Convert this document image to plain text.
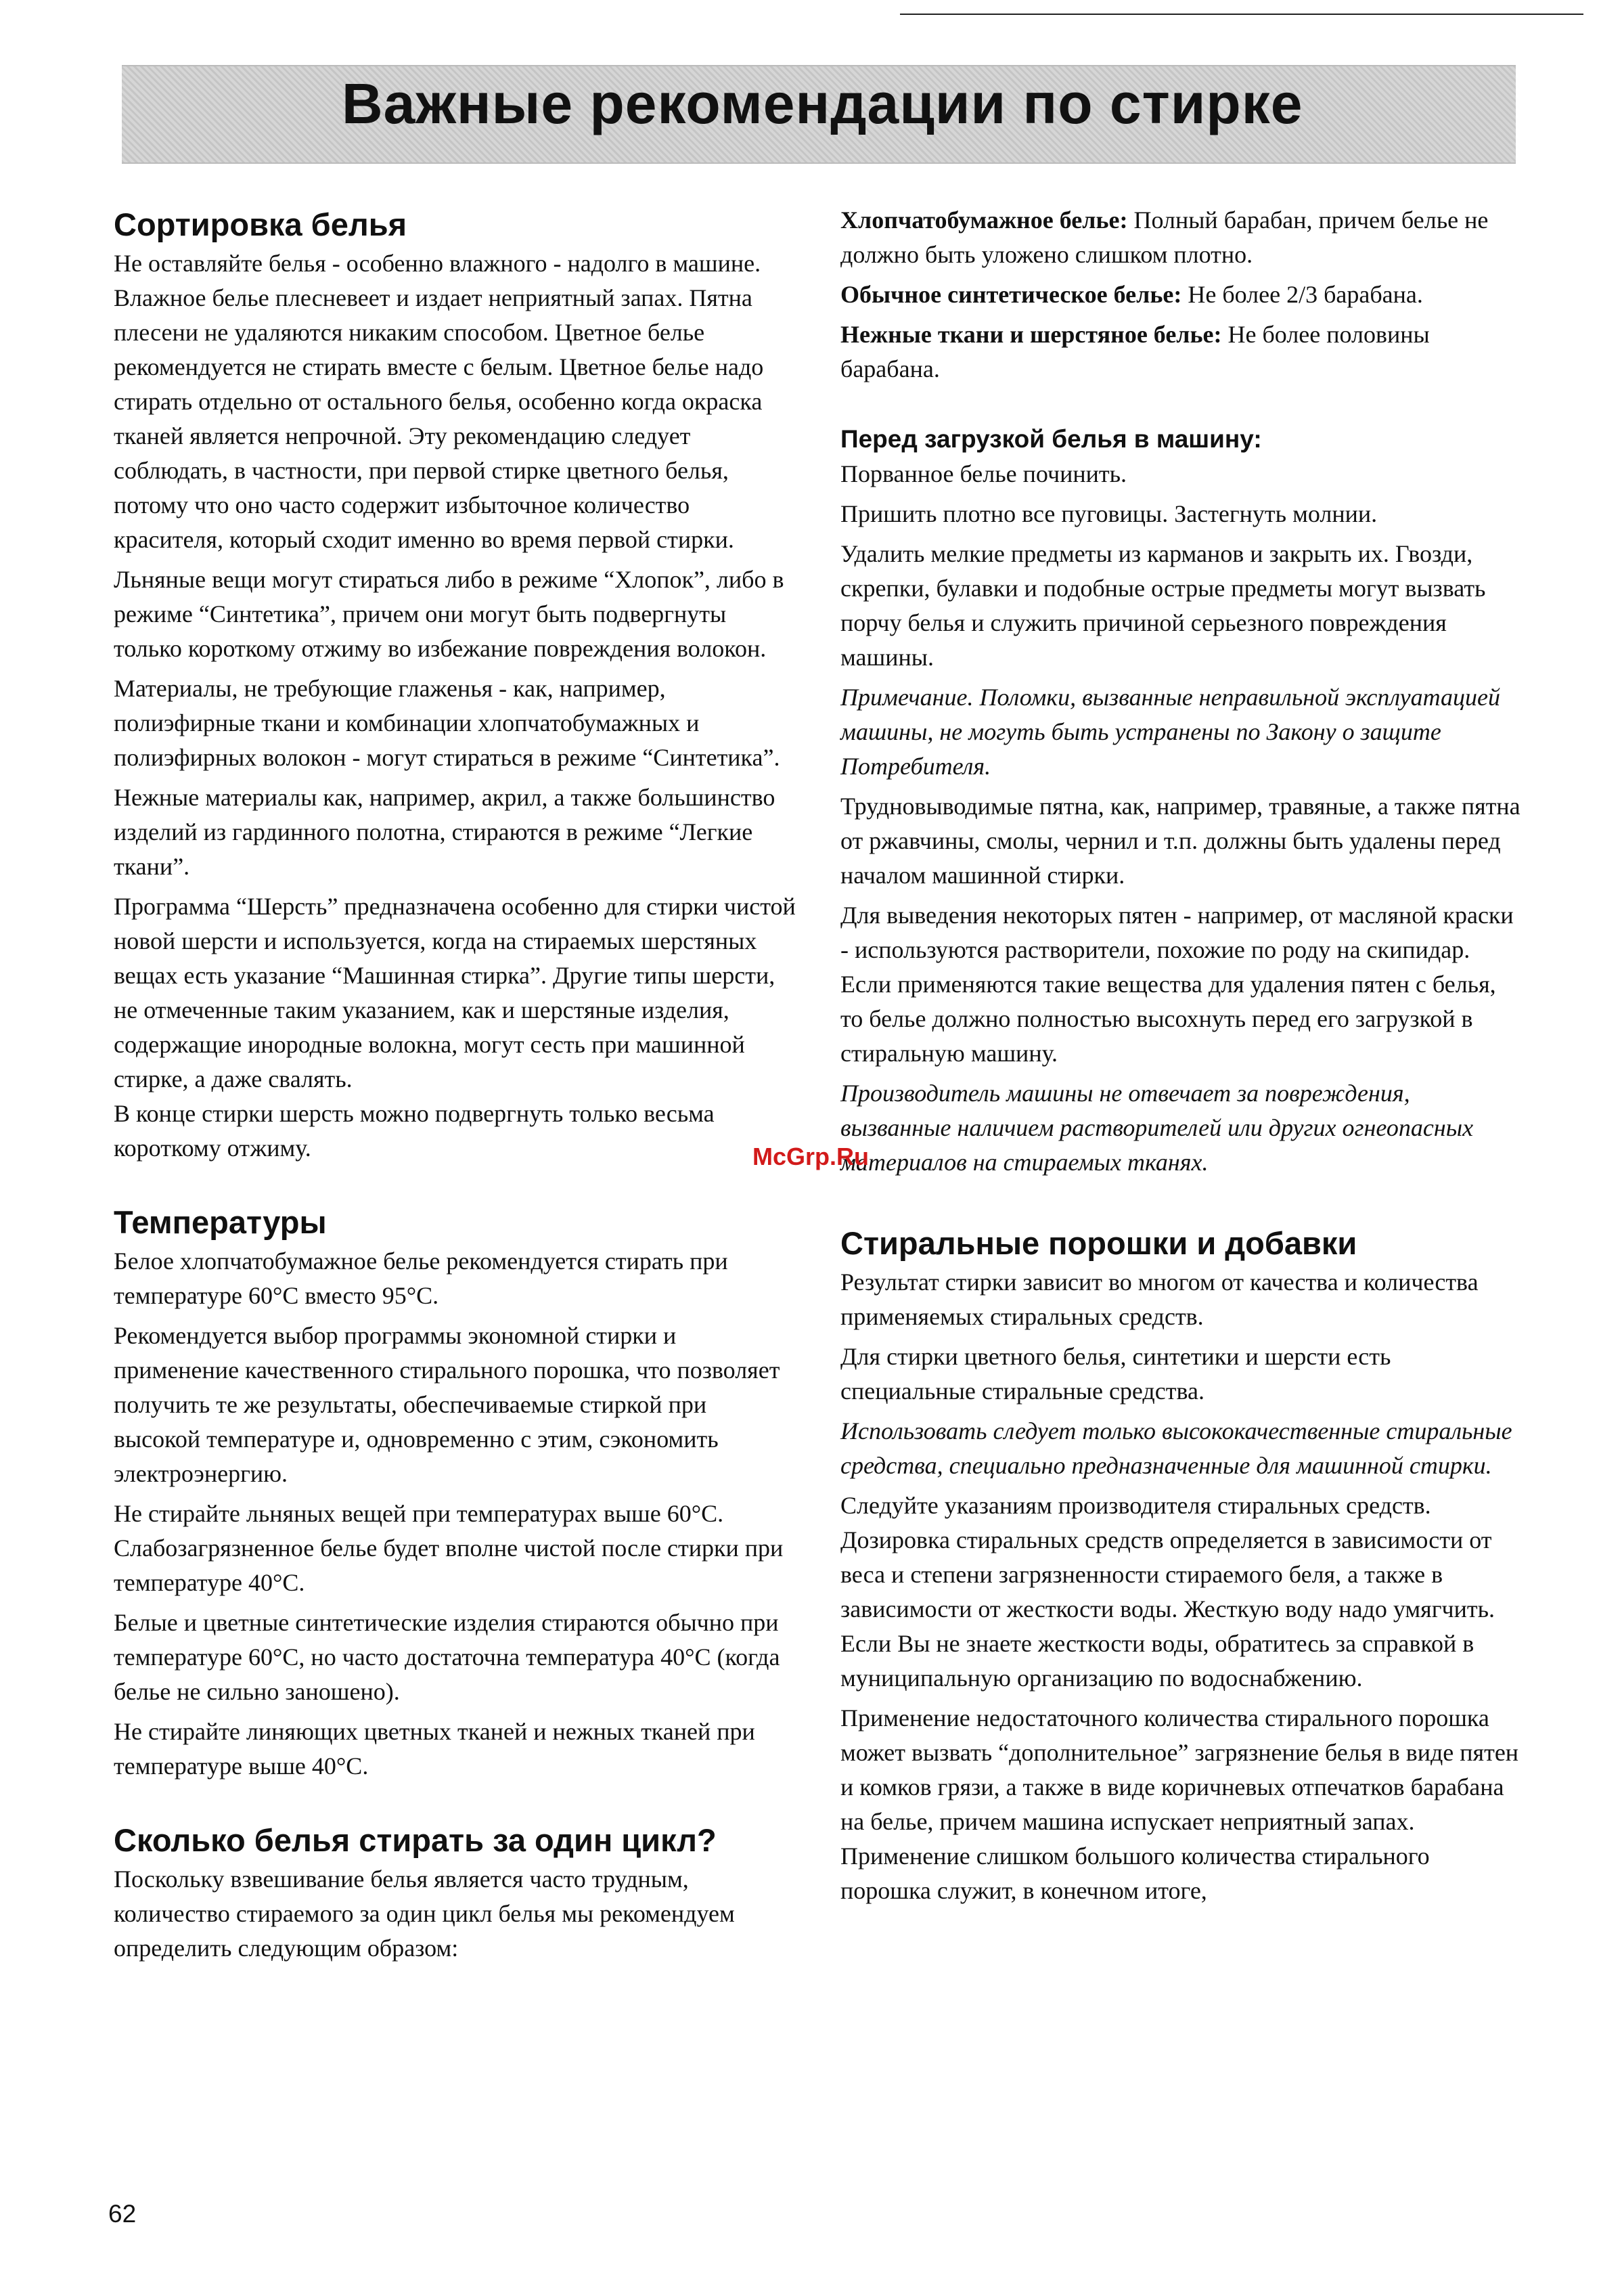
Важные рекомендации по стирке
Сортировка белья

Не оставляйте белья - особенно влажного - надолго в машине. Влажное белье плесневеет и издает неприятный запах. Пятна плесени не удаляются никаким способом. Цветное белье рекомендуется не стирать вместе с белым. Цветное белье надо стирать отдельно от остального белья, особенно когда окраска тканей является непрочной. Эту рекомендацию следует соблюдать, в частности, при первой стирке цветного белья, потому что оно часто содержит избыточное количество красителя, который сходит именно во время первой стирки.

Льняные вещи могут стираться либо в режиме “Хлопок”, либо в режиме “Синтетика”, причем они могут быть подвергнуты только короткому отжиму во избежание повреждения волокон.

Материалы, не требующие глаженья - как, например, полиэфирные ткани и комбинации хлопчатобумажных и полиэфирных волокон - могут стираться в режиме “Синтетика”.

Нежные материалы как, например, акрил, а также большинство изделий из гардинного полотна, стираются в режиме “Легкие ткани”.

Программа “Шерсть” предназначена особенно для стирки чистой новой шерсти и используется, когда на стираемых шерстяных вещах есть указание “Машинная стирка”. Другие типы шерсти, не отмеченные таким указанием, как и шерстяные изделия, содержащие инородные волокна, могут сесть при машинной стирке, а даже свалять.

В конце стирки шерсть можно подвергнуть только весьма короткому отжиму.

Температуры

Белое хлопчатобумажное белье рекомендуется стирать при температуре 60°С вместо 95°С.

Рекомендуется выбор программы экономной стирки и применение качественного стирального порошка, что позволяет получить те же результаты, обеспечиваемые стиркой при высокой температуре и, одновременно с этим, сэкономить электроэнергию.

Не стирайте льняных вещей при температурах выше 60°С. Слабозагрязненное белье будет вполне чистой после стирки при температуре 40°С.

Белые и цветные синтетические изделия стираются обычно при температуре 60°С, но часто достаточна температура 40°С (когда белье не сильно заношено).

Не стирайте линяющих цветных тканей и нежных тканей при температуре выше 40°С.

Сколько белья стирать за один цикл?

Поскольку взвешивание белья является часто трудным, количество стираемого за один цикл белья мы рекомендуем определить следующим образом:

Хлопчатобумажное белье: Полный барабан, причем белье не должно быть уложено слишком плотно.

Обычное синтетическое белье: Не более 2/3 барабана.

Нежные ткани и шерстяное белье: Не более половины барабана.

Перед загрузкой белья в машину:

Порванное белье починить.

Пришить плотно все пуговицы. Застегнуть молнии.

Удалить мелкие предметы из карманов и закрыть их. Гвозди, скрепки, булавки и подобные острые предметы могут вызвать порчу белья и служить причиной серьезного повреждения машины.

Примечание. Поломки, вызванные неправильной эксплуатацией машины, не могуть быть устранены по Закону о защите Потребителя.

Трудновыводимые пятна, как, например, травяные, а также пятна от ржавчины, смолы, чернил и т.п. должны быть удалены перед началом машинной стирки.

Для выведения некоторых пятен - например, от масляной краски - используются растворители, похожие по роду на скипидар. Если применяются такие вещества для удаления пятен с белья, то белье должно полностью высохнуть перед его загрузкой в стиральную машину.

Производитель машины не отвечает за повреждения, вызванные наличием растворителей или других огнеопасных материалов на стираемых тканях.

Стиральные порошки и добавки

Результат стирки зависит во многом от качества и количества применяемых стиральных средств.

Для стирки цветного белья, синтетики и шерсти есть специальные стиральные средства.

Использовать следует только высококачественные стиральные средства, специально предназначенные для машинной стирки.

Следуйте указаниям производителя стиральных средств. Дозировка стиральных средств определяется в зависимости от веса и степени загрязненности стираемого беля, а также в зависимости от жесткости воды. Жесткую воду надо умягчить. Если Вы не знаете жесткости воды, обратитесь за справкой в муниципальную организацию по водоснабжению.

Применение недостаточного количества стирального порошка может вызвать “дополнительное” загрязнение белья в виде пятен и комков грязи, а также в виде коричневых отпечатков барабана на белье, причем машина испускает неприятный запах.

Применение слишком большого количества стирального порошка служит, в конечном итоге,

McGrp.Ru
62
